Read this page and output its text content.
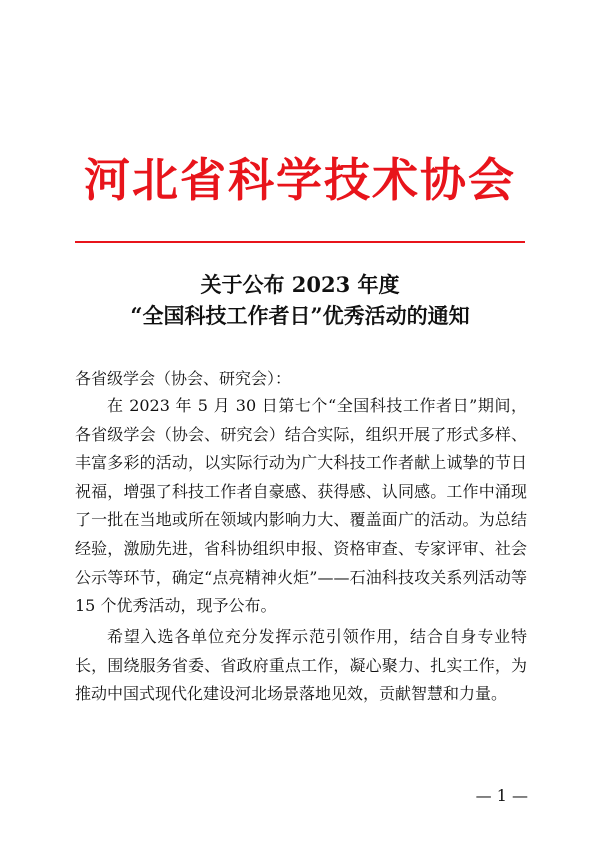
河北省科学技术协会
关于公布 2023 年度
“全国科技工作者日”优秀活动的通知
各省级学会（协会、研究会）：
在 2023 年 5 月 30 日第七个“全国科技工作者日”期间，各省级学会（协会、研究会）结合实际，组织开展了形式多样、丰富多彩的活动，以实际行动为广大科技工作者献上诚挚的节日祝福，增强了科技工作者自豪感、获得感、认同感。工作中涌现了一批在当地或所在领域内影响力大、覆盖面广的活动。为总结经验，激励先进，省科协组织申报、资格审查、专家评审、社会公示等环节，确定“点亮精神火炬”——石油科技攻关系列活动等 15 个优秀活动，现予公布。
希望入选各单位充分发挥示范引领作用，结合自身专业特长，围绕服务省委、省政府重点工作，凝心聚力、扎实工作，为推动中国式现代化建设河北场景落地见效，贡献智慧和力量。
— 1 —
